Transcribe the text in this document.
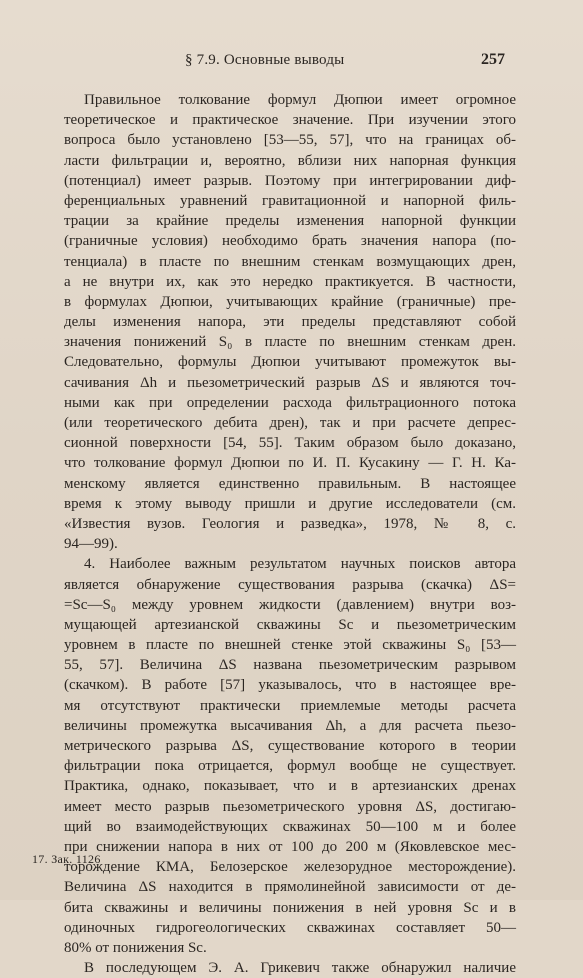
§ 7.9. Основные выводы	257
Правильное толкование формул Дюпюи имеет огромное
теоретическое и практическое значение. При изучении этого
вопроса было установлено [53—55, 57], что на границах об-
ласти фильтрации и, вероятно, вблизи них напорная функция
(потенциал) имеет разрыв. Поэтому при интегрировании диф-
ференциальных уравнений гравитационной и напорной филь-
трации за крайние пределы изменения напорной функции
(граничные условия) необходимо брать значения напора (по-
тенциала) в пласте по внешним стенкам возмущающих дрен,
а не внутри их, как это нередко практикуется. В частности,
в формулах Дюпюи, учитывающих крайние (граничные) пре-
делы изменения напора, эти пределы представляют собой
значения понижений S₀ в пласте по внешним стенкам дрен.
Следовательно, формулы Дюпюи учитывают промежуток вы-
сачивания Δh и пьезометрический разрыв ΔS и являются точ-
ными как при определении расхода фильтрационного потока
(или теоретического дебита дрен), так и при расчете депрес-
сионной поверхности [54, 55]. Таким образом было доказано,
что толкование формул Дюпюи по И. П. Кусакину — Г. Н. Ка-
менскому является единственно правильным. В настоящее
время к этому выводу пришли и другие исследователи (см.
«Известия вузов. Геология и разведка», 1978, № 8, с.
94—99).
4. Наиболее важным результатом научных поисков автора
является обнаружение существования разрыва (скачка) ΔS=
=Sc—S₀ между уровнем жидкости (давлением) внутри воз-
мущающей артезианской скважины Sc и пьезометрическим
уровнем в пласте по внешней стенке этой скважины S₀ [53—
55, 57]. Величина ΔS названа пьезометрическим разрывом
(скачком). В работе [57] указывалось, что в настоящее вре-
мя отсутствуют практически приемлемые методы расчета
величины промежутка высачивания Δh, а для расчета пьезо-
метрического разрыва ΔS, существование которого в теории
фильтрации пока отрицается, формул вообще не существует.
Практика, однако, показывает, что и в артезианских дренах
имеет место разрыв пьезометрического уровня ΔS, достигаю-
щий во взаимодействующих скважинах 50—100 м и более
при снижении напора в них от 100 до 200 м (Яковлевское мес-
торождение КМА, Белозерское железорудное месторождение).
Величина ΔS находится в прямолинейной зависимости от де-
бита скважины и величины понижения в ней уровня Sc и в
одиночных гидрогеологических скважинах составляет 50—
80% от понижения Sc.
В последующем Э. А. Грикевич также обнаружил наличие
17. Зак. 1126
